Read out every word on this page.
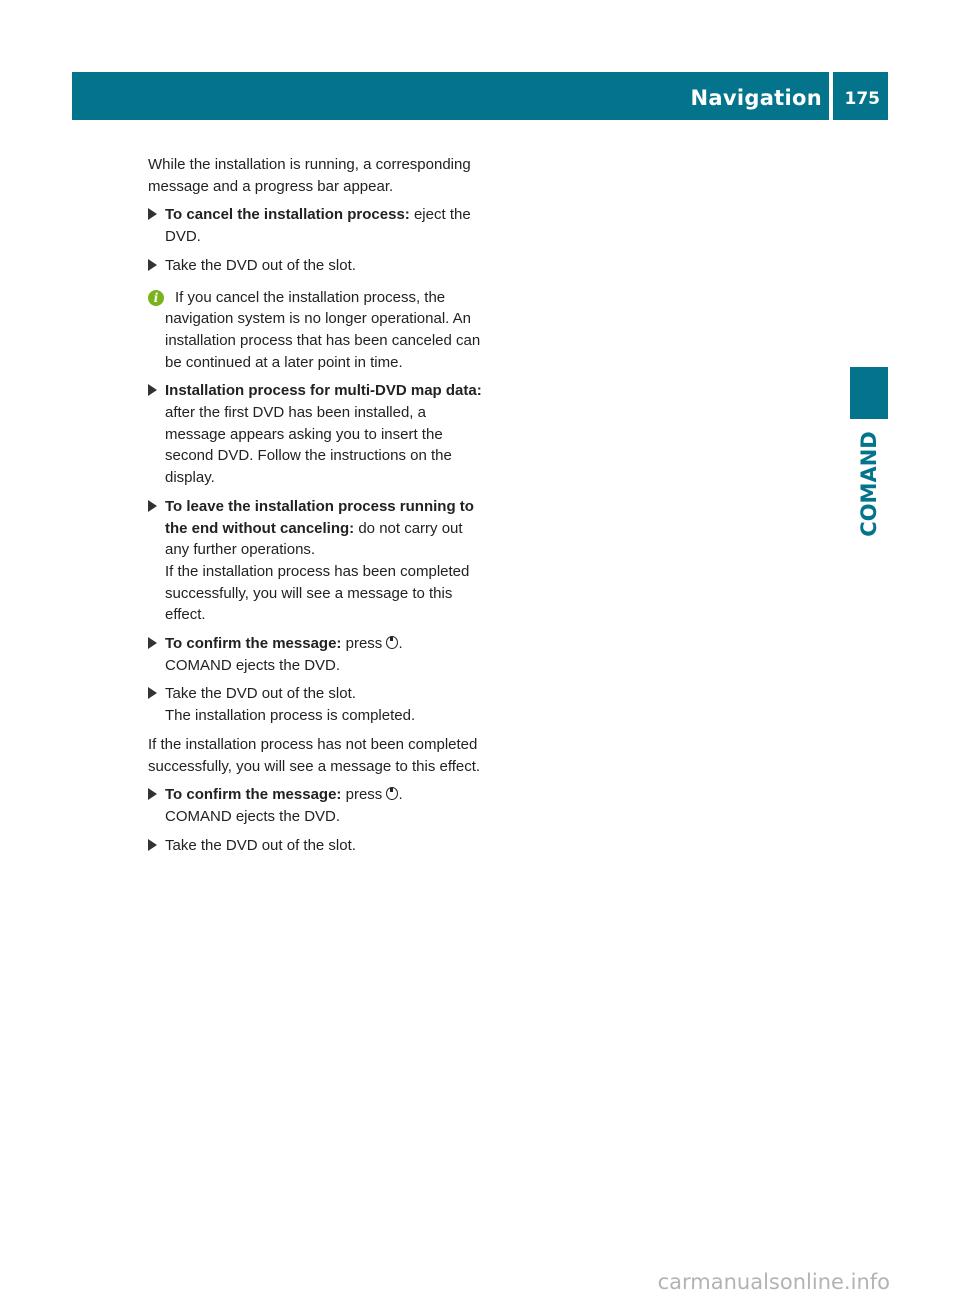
Navigation 175
COMAND

While the installation is running, a corresponding message and a progress bar appear.

To cancel the installation process: eject the DVD.
Take the DVD out of the slot.
i	If you cancel the installation process, the navigation system is no longer operational. An installation process that has been canceled can be continued at a later point in time.
Installation process for multi-DVD map data: after the first DVD has been installed, a message appears asking you to insert the second DVD. Follow the instructions on the display.
To leave the installation process running to the end without canceling: do not carry out any further operations.
If the installation process has been completed successfully, you will see a message to this effect.
To confirm the message: press .
COMAND ejects the DVD.
Take the DVD out of the slot.
The installation process is completed.

If the installation process has not been completed successfully, you will see a message to this effect.

To confirm the message: press .
COMAND ejects the DVD.
Take the DVD out of the slot.
carmanualsonline.info
